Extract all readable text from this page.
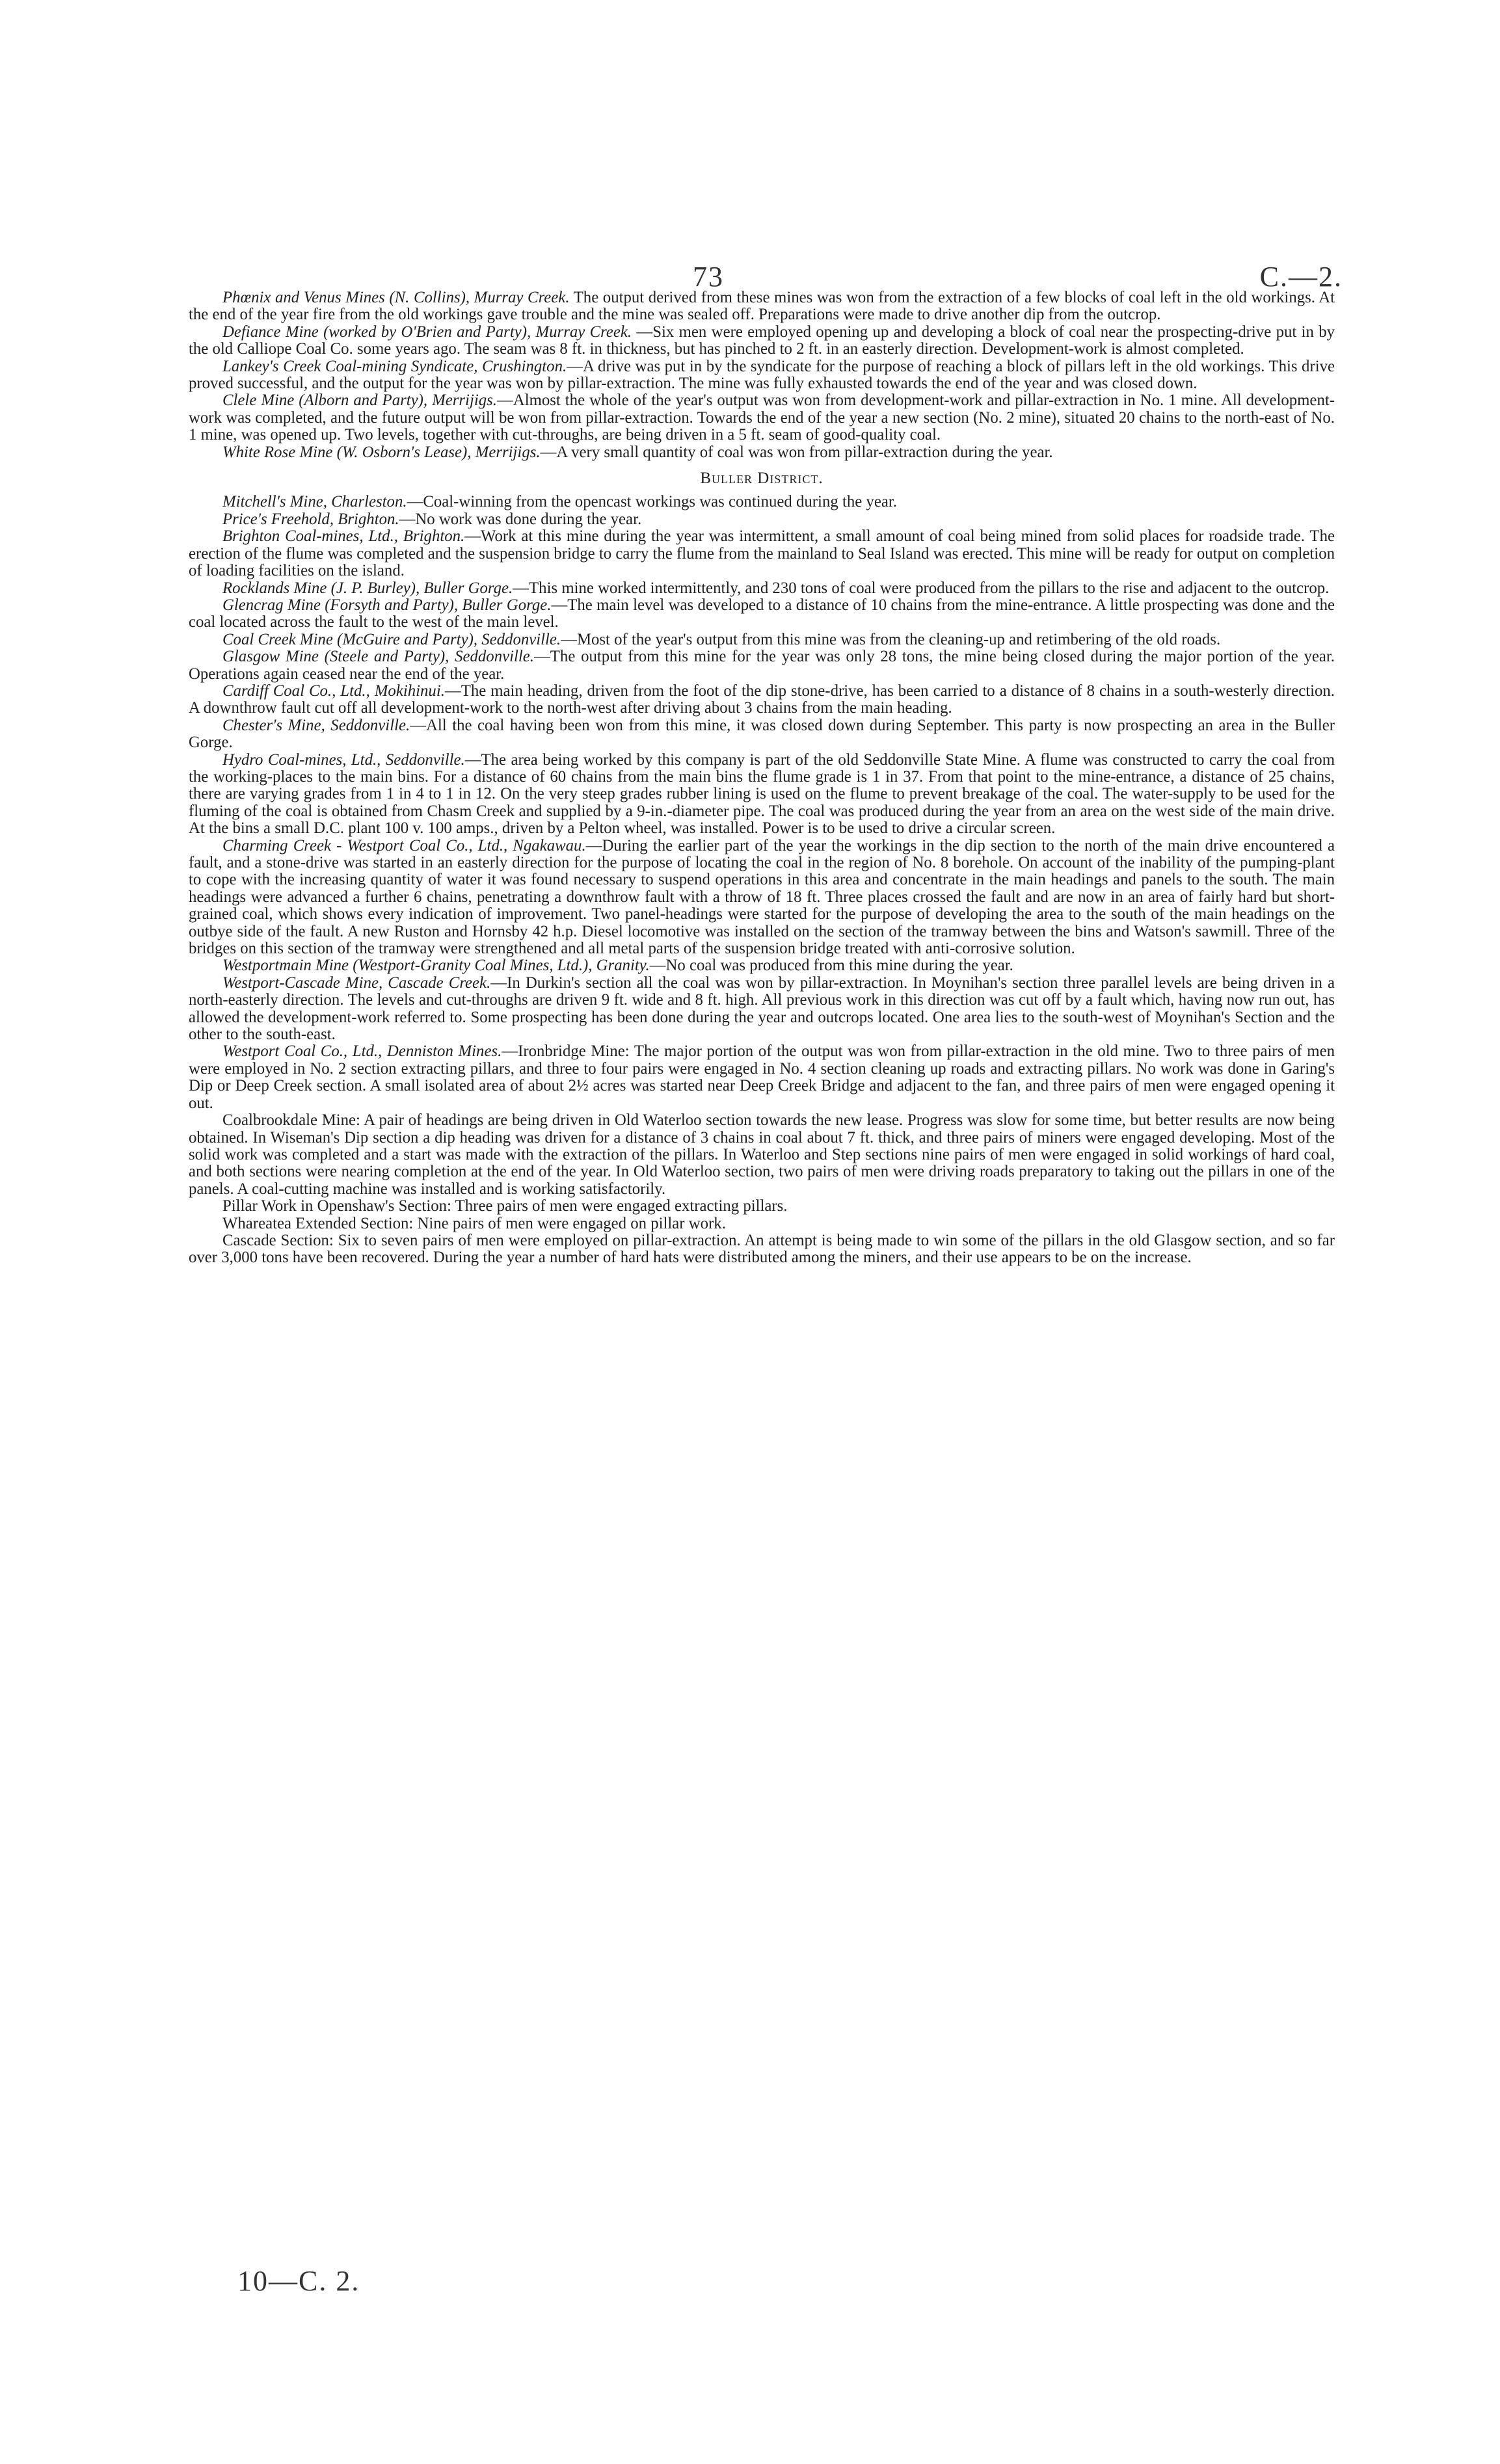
73	C.—2.

Phœnix and Venus Mines (N. Collins), Murray Creek. The output derived from these mines was won from the extraction of a few blocks of coal left in the old workings. At the end of the year fire from the old workings gave trouble and the mine was sealed off. Preparations were made to drive another dip from the outcrop.

Defiance Mine (worked by O'Brien and Party), Murray Creek. —Six men were employed opening up and developing a block of coal near the prospecting-drive put in by the old Calliope Coal Co. some years ago. The seam was 8 ft. in thickness, but has pinched to 2 ft. in an easterly direction. Development-work is almost completed.

Lankey's Creek Coal-mining Syndicate, Crushington.—A drive was put in by the syndicate for the purpose of reaching a block of pillars left in the old workings. This drive proved successful, and the output for the year was won by pillar-extraction. The mine was fully exhausted towards the end of the year and was closed down.

Clele Mine (Alborn and Party), Merrijigs.—Almost the whole of the year's output was won from development-work and pillar-extraction in No. 1 mine. All development-work was completed, and the future output will be won from pillar-extraction. Towards the end of the year a new section (No. 2 mine), situated 20 chains to the north-east of No. 1 mine, was opened up. Two levels, together with cut-throughs, are being driven in a 5 ft. seam of good-quality coal.

White Rose Mine (W. Osborn's Lease), Merrijigs.—A very small quantity of coal was won from pillar-extraction during the year.

Buller District.

Mitchell's Mine, Charleston.—Coal-winning from the opencast workings was continued during the year.

Price's Freehold, Brighton.—No work was done during the year.

Brighton Coal-mines, Ltd., Brighton.—Work at this mine during the year was intermittent, a small amount of coal being mined from solid places for roadside trade. The erection of the flume was completed and the suspension bridge to carry the flume from the mainland to Seal Island was erected. This mine will be ready for output on completion of loading facilities on the island.

Rocklands Mine (J. P. Burley), Buller Gorge.—This mine worked intermittently, and 230 tons of coal were produced from the pillars to the rise and adjacent to the outcrop.

Glencrag Mine (Forsyth and Party), Buller Gorge.—The main level was developed to a distance of 10 chains from the mine-entrance. A little prospecting was done and the coal located across the fault to the west of the main level.

Coal Creek Mine (McGuire and Party), Seddonville.—Most of the year's output from this mine was from the cleaning-up and retimbering of the old roads.

Glasgow Mine (Steele and Party), Seddonville.—The output from this mine for the year was only 28 tons, the mine being closed during the major portion of the year. Operations again ceased near the end of the year.

Cardiff Coal Co., Ltd., Mokihinui.—The main heading, driven from the foot of the dip stone-drive, has been carried to a distance of 8 chains in a south-westerly direction. A downthrow fault cut off all development-work to the north-west after driving about 3 chains from the main heading.

Chester's Mine, Seddonville.—All the coal having been won from this mine, it was closed down during September. This party is now prospecting an area in the Buller Gorge.

Hydro Coal-mines, Ltd., Seddonville.—The area being worked by this company is part of the old Seddonville State Mine. A flume was constructed to carry the coal from the working-places to the main bins. For a distance of 60 chains from the main bins the flume grade is 1 in 37. From that point to the mine-entrance, a distance of 25 chains, there are varying grades from 1 in 4 to 1 in 12. On the very steep grades rubber lining is used on the flume to prevent breakage of the coal. The water-supply to be used for the fluming of the coal is obtained from Chasm Creek and supplied by a 9-in.-diameter pipe. The coal was produced during the year from an area on the west side of the main drive. At the bins a small D.C. plant 100 v. 100 amps., driven by a Pelton wheel, was installed. Power is to be used to drive a circular screen.

Charming Creek - Westport Coal Co., Ltd., Ngakawau.—During the earlier part of the year the workings in the dip section to the north of the main drive encountered a fault, and a stone-drive was started in an easterly direction for the purpose of locating the coal in the region of No. 8 borehole. On account of the inability of the pumping-plant to cope with the increasing quantity of water it was found necessary to suspend operations in this area and concentrate in the main headings and panels to the south. The main headings were advanced a further 6 chains, penetrating a downthrow fault with a throw of 18 ft. Three places crossed the fault and are now in an area of fairly hard but short-grained coal, which shows every indication of improvement. Two panel-headings were started for the purpose of developing the area to the south of the main headings on the outbye side of the fault. A new Ruston and Hornsby 42 h.p. Diesel locomotive was installed on the section of the tramway between the bins and Watson's sawmill. Three of the bridges on this section of the tramway were strengthened and all metal parts of the suspension bridge treated with anti-corrosive solution.

Westportmain Mine (Westport-Granity Coal Mines, Ltd.), Granity.—No coal was produced from this mine during the year.

Westport-Cascade Mine, Cascade Creek.—In Durkin's section all the coal was won by pillar-extraction. In Moynihan's section three parallel levels are being driven in a north-easterly direction. The levels and cut-throughs are driven 9 ft. wide and 8 ft. high. All previous work in this direction was cut off by a fault which, having now run out, has allowed the development-work referred to. Some prospecting has been done during the year and outcrops located. One area lies to the south-west of Moynihan's Section and the other to the south-east.

Westport Coal Co., Ltd., Denniston Mines.—Ironbridge Mine: The major portion of the output was won from pillar-extraction in the old mine. Two to three pairs of men were employed in No. 2 section extracting pillars, and three to four pairs were engaged in No. 4 section cleaning up roads and extracting pillars. No work was done in Garing's Dip or Deep Creek section. A small isolated area of about 2½ acres was started near Deep Creek Bridge and adjacent to the fan, and three pairs of men were engaged opening it out.

Coalbrookdale Mine: A pair of headings are being driven in Old Waterloo section towards the new lease. Progress was slow for some time, but better results are now being obtained. In Wiseman's Dip section a dip heading was driven for a distance of 3 chains in coal about 7 ft. thick, and three pairs of miners were engaged developing. Most of the solid work was completed and a start was made with the extraction of the pillars. In Waterloo and Step sections nine pairs of men were engaged in solid workings of hard coal, and both sections were nearing completion at the end of the year. In Old Waterloo section, two pairs of men were driving roads preparatory to taking out the pillars in one of the panels. A coal-cutting machine was installed and is working satisfactorily.

Pillar Work in Openshaw's Section: Three pairs of men were engaged extracting pillars.

Whareatea Extended Section: Nine pairs of men were engaged on pillar work.

Cascade Section: Six to seven pairs of men were employed on pillar-extraction. An attempt is being made to win some of the pillars in the old Glasgow section, and so far over 3,000 tons have been recovered. During the year a number of hard hats were distributed among the miners, and their use appears to be on the increase.

10—C. 2.
